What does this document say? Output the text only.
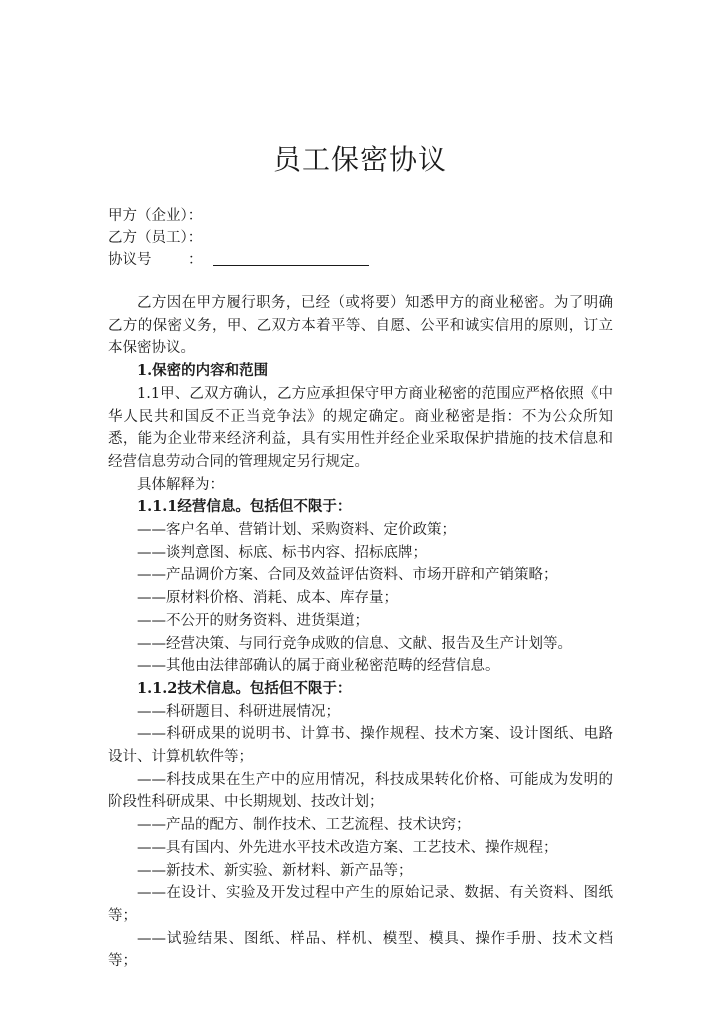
员工保密协议
甲方（企业）：
乙方（员工）：
协议号	：

乙方因在甲方履行职务，已经（或将要）知悉甲方的商业秘密。为了明确乙方的保密义务，甲、乙双方本着平等、自愿、公平和诚实信用的原则，订立本保密协议。

1.保密的内容和范围

1.1甲、乙双方确认，乙方应承担保守甲方商业秘密的范围应严格依照《中华人民共和国反不正当竞争法》的规定确定。商业秘密是指：不为公众所知悉，能为企业带来经济利益，具有实用性并经企业采取保护措施的技术信息和经营信息劳动合同的管理规定另行规定。

具体解释为：

1.1.1经营信息。包括但不限于：

——客户名单、营销计划、采购资料、定价政策；

——谈判意图、标底、标书内容、招标底牌；

——产品调价方案、合同及效益评估资料、市场开辟和产销策略；

——原材料价格、消耗、成本、库存量；

——不公开的财务资料、进货渠道；

——经营决策、与同行竞争成败的信息、文献、报告及生产计划等。

——其他由法律部确认的属于商业秘密范畴的经营信息。

1.1.2技术信息。包括但不限于：

——科研题目、科研进展情况；

——科研成果的说明书、计算书、操作规程、技术方案、设计图纸、电路设计、计算机软件等；

——科技成果在生产中的应用情况，科技成果转化价格、可能成为发明的阶段性科研成果、中长期规划、技改计划；

——产品的配方、制作技术、工艺流程、技术诀窍；

——具有国内、外先进水平技术改造方案、工艺技术、操作规程；

——新技术、新实验、新材料、新产品等；

——在设计、实验及开发过程中产生的原始记录、数据、有关资料、图纸等；

——试验结果、图纸、样品、样机、模型、模具、操作手册、技术文档等；
